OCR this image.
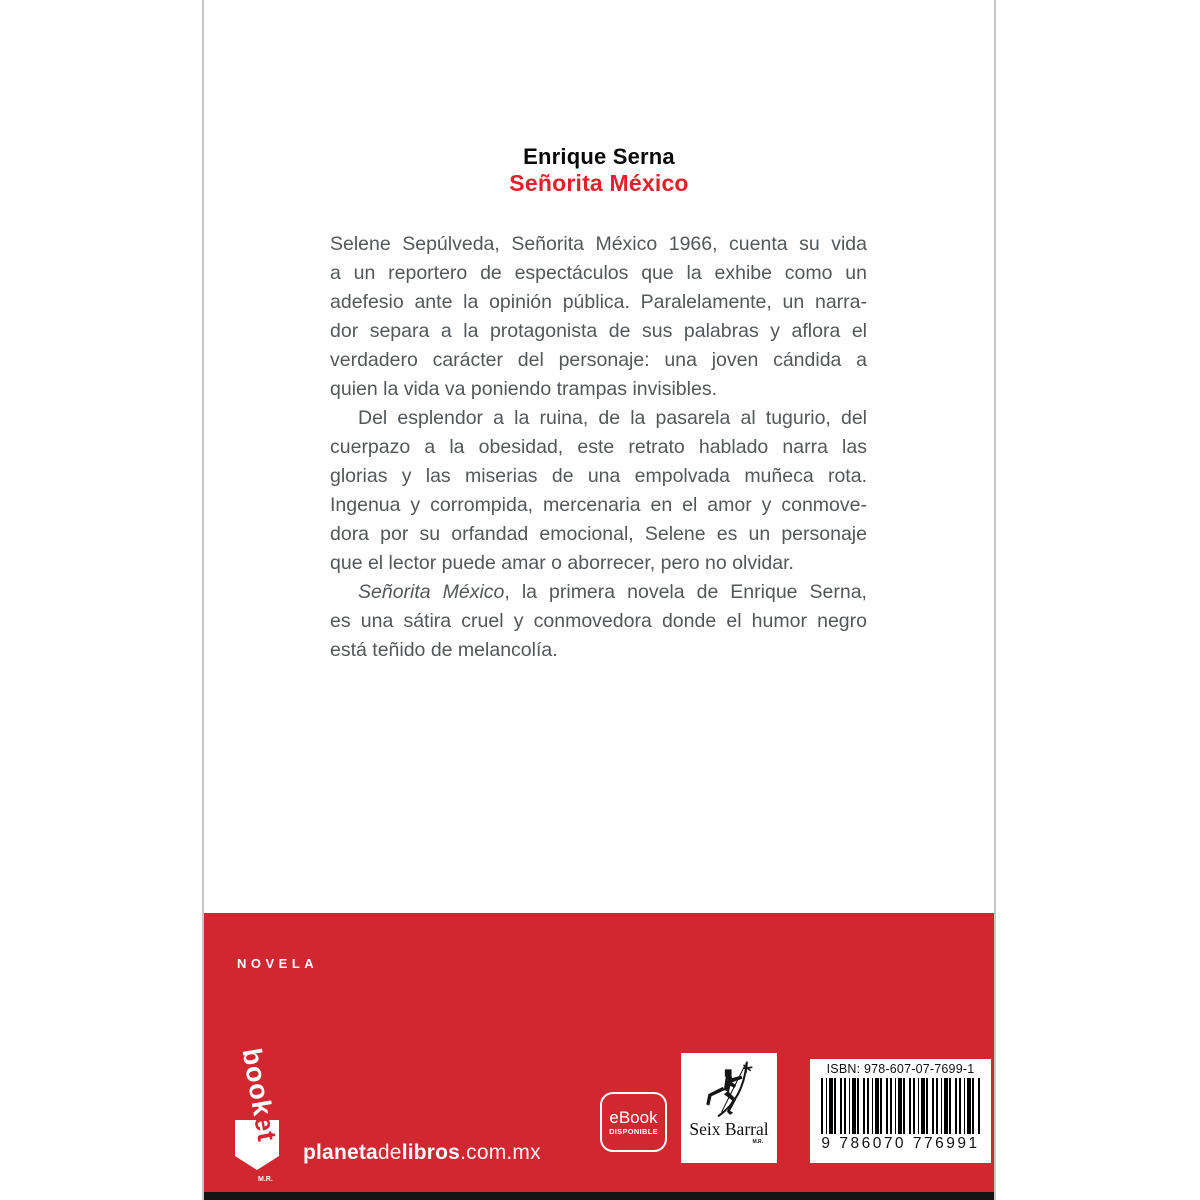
Enrique Serna
Señorita México
Selene Sepúlveda, Señorita México 1966, cuenta su vida
a un reportero de espectáculos que la exhibe como un
adefesio ante la opinión pública. Paralelamente, un narra-
dor separa a la protagonista de sus palabras y aflora el
verdadero carácter del personaje: una joven cándida a
quien la vida va poniendo trampas invisibles.
Del esplendor a la ruina, de la pasarela al tugurio, del
cuerpazo a la obesidad, este retrato hablado narra las
glorias y las miserias de una empolvada muñeca rota.
Ingenua y corrompida, mercenaria en el amor y conmove-
dora por su orfandad emocional, Selene es un personaje
que el lector puede amar o aborrecer, pero no olvidar.
Señorita México, la primera novela de Enrique Serna,
es una sátira cruel y conmovedora donde el humor negro
está teñido de melancolía.
NOVELA
booket
M.R.
planetadelibros.com.mx
eBook
DISPONIBLE Seix Barral
M.R.
ISBN: 978-607-07-7699-1
9 786070 776991
